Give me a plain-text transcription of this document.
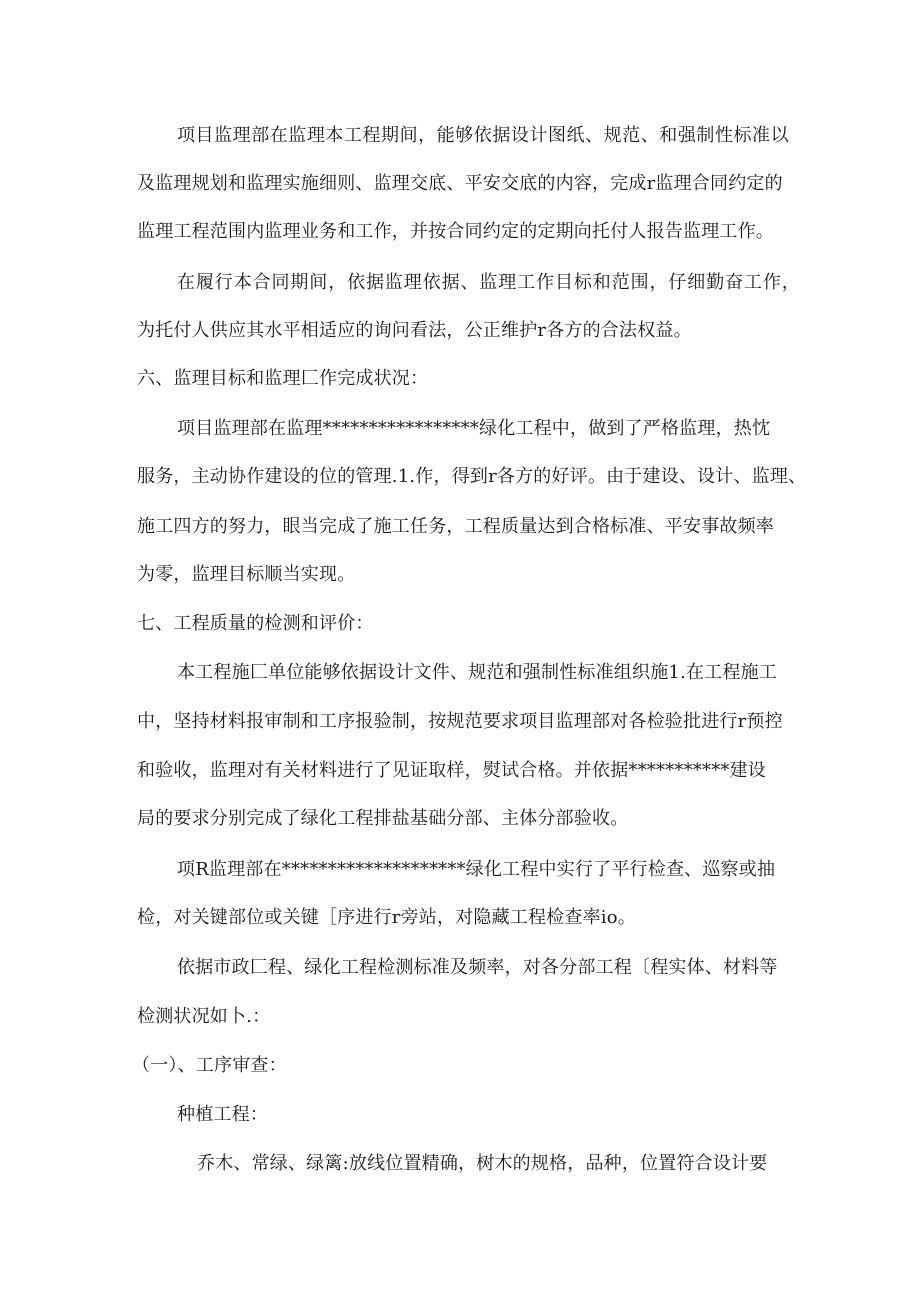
项目监理部在监理本工程期间，能够依据设计图纸、规范、和强制性标准以
及监理规划和监理实施细则、监理交底、平安交底的内容，完成r监理合同约定的
监理工程范围内监理业务和工作，并按合同约定的定期向托付人报告监理工作。
在履行本合同期间，依据监理依据、监理工作目标和范围，仔细勤奋工作，
为托付人供应其水平相适应的询问看法，公正维护r各方的合法权益。
六、监理目标和监理匚作完成状况：
项目监理部在监理*****************绿化工程中，做到了严格监理，热忱
服务，主动协作建设的位的管理.1.作，得到r各方的好评。由于建设、设计、监理、
施工四方的努力，眼当完成了施工任务，工程质量达到合格标准、平安事故频率
为零，监理目标顺当实现。
七、工程质量的检测和评价：
本工程施匚单位能够依据设计文件、规范和强制性标准组织施1.在工程施工
中，坚持材料报审制和工序报验制，按规范要求项目监理部对各检验批进行r预控
和验收，监理对有关材料进行了见证取样，熨试合格。并依据***********建设
局的要求分别完成了绿化工程排盐基础分部、主体分部验收。
项R监理部在********************绿化工程中实行了平行检查、巡察或抽
检，对关键部位或关键［序进行r旁站，对隐藏工程检查率io。
依据市政匚程、绿化工程检测标准及频率，对各分部工程〔程实体、材料等
检测状况如卜.：
（一）、工序审查：
种植工程：
乔木、常绿、绿篱:放线位置精确，树木的规格，品种，位置符合设计要
